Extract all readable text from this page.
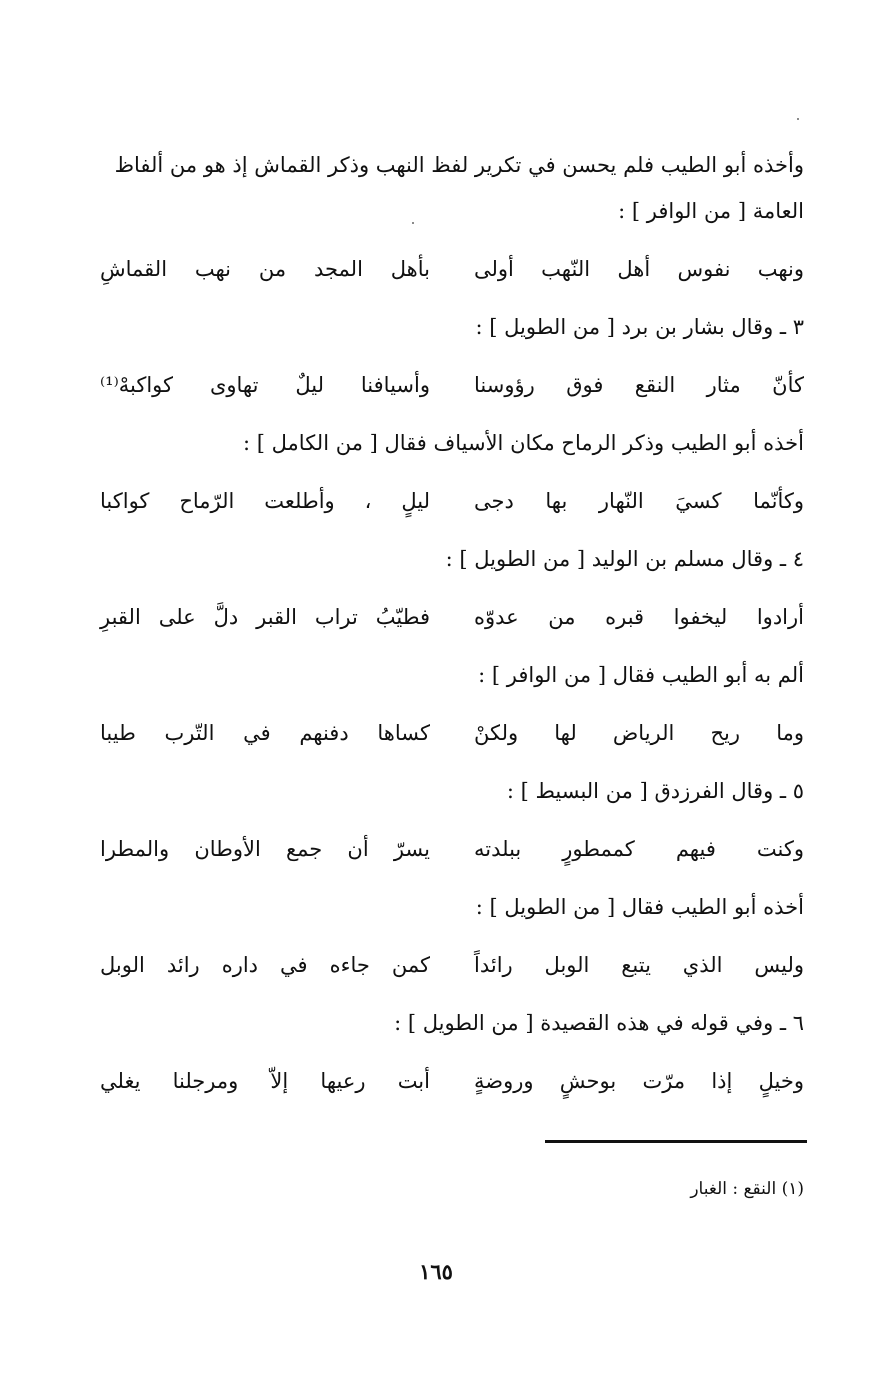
وأخذه أبو الطيب فلم يحسن في تكرير لفظ النهب وذكر القماش إذ هو من ألفاظ
العامة [ من الوافر ] :
ونهب نفوس أهل النّهب أولى
بأهل المجد من نهب القماشِ
٣ ـ وقال بشار بن برد [ من الطويل ] :
كأنّ مثار النقع فوق رؤوسنا
وأسيافنا ليلٌ تهاوى كواكبهْ⁽¹⁾
أخذه أبو الطيب وذكر الرماح مكان الأسياف فقال [ من الكامل ] :
وكأنّما كسيَ النّهار بها دجى
ليلٍ ، وأطلعت الرّماح كواكبا
٤ ـ وقال مسلم بن الوليد [ من الطويل ] :
أرادوا ليخفوا قبره من عدوّه
فطيّبُ تراب القبر دلَّ على القبرِ
ألم به أبو الطيب فقال [ من الوافر ] :
وما ريح الرياض لها ولكنْ
كساها دفنهم في التّرب طيبا
٥ ـ وقال الفرزدق [ من البسيط ] :
وكنت فيهم كممطورٍ ببلدته
يسرّ أن جمع الأوطان والمطرا
أخذه أبو الطيب فقال [ من الطويل ] :
وليس الذي يتبع الوبل رائداً
كمن جاءه في داره رائد الوبل
٦ ـ وفي قوله في هذه القصيدة [ من الطويل ] :
وخيلٍ إذا مرّت بوحشٍ وروضةٍ
أبت رعيها إلاّ ومرجلنا يغلي
(١) النقع : الغبار
١٦٥
